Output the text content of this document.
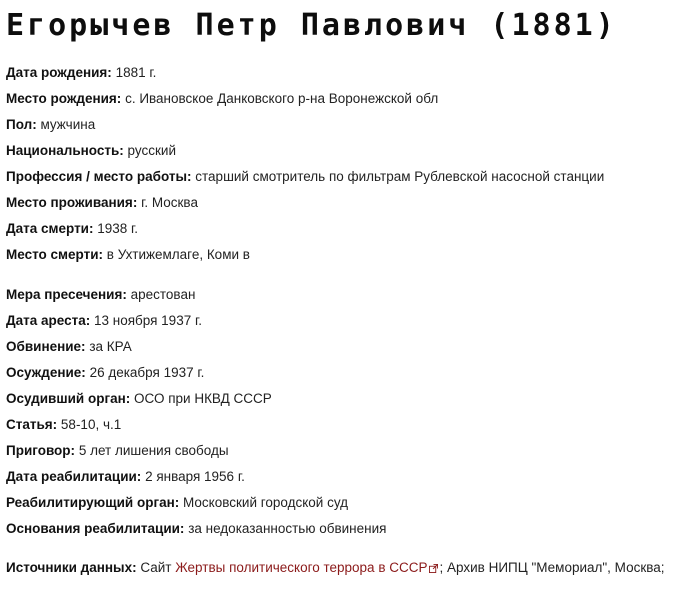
Егорычев Петр Павлович (1881)
Дата рождения: 1881 г.
Место рождения: с. Ивановское Данковского р-на Воронежской обл
Пол: мужчина
Национальность: русский
Профессия / место работы: старший смотритель по фильтрам Рублевской насосной станции
Место проживания: г. Москва
Дата смерти: 1938 г.
Место смерти: в Ухтижемлаге, Коми в
Мера пресечения: арестован
Дата ареста: 13 ноября 1937 г.
Обвинение: за КРА
Осуждение: 26 декабря 1937 г.
Осудивший орган: ОСО при НКВД СССР
Статья: 58-10, ч.1
Приговор: 5 лет лишения свободы
Дата реабилитации: 2 января 1956 г.
Реабилитирующий орган: Московский городской суд
Основания реабилитации: за недоказанностью обвинения
Источники данных: Сайт Жертвы политического террора в СССР ; Архив НИПЦ "Мемориал", Москва;
